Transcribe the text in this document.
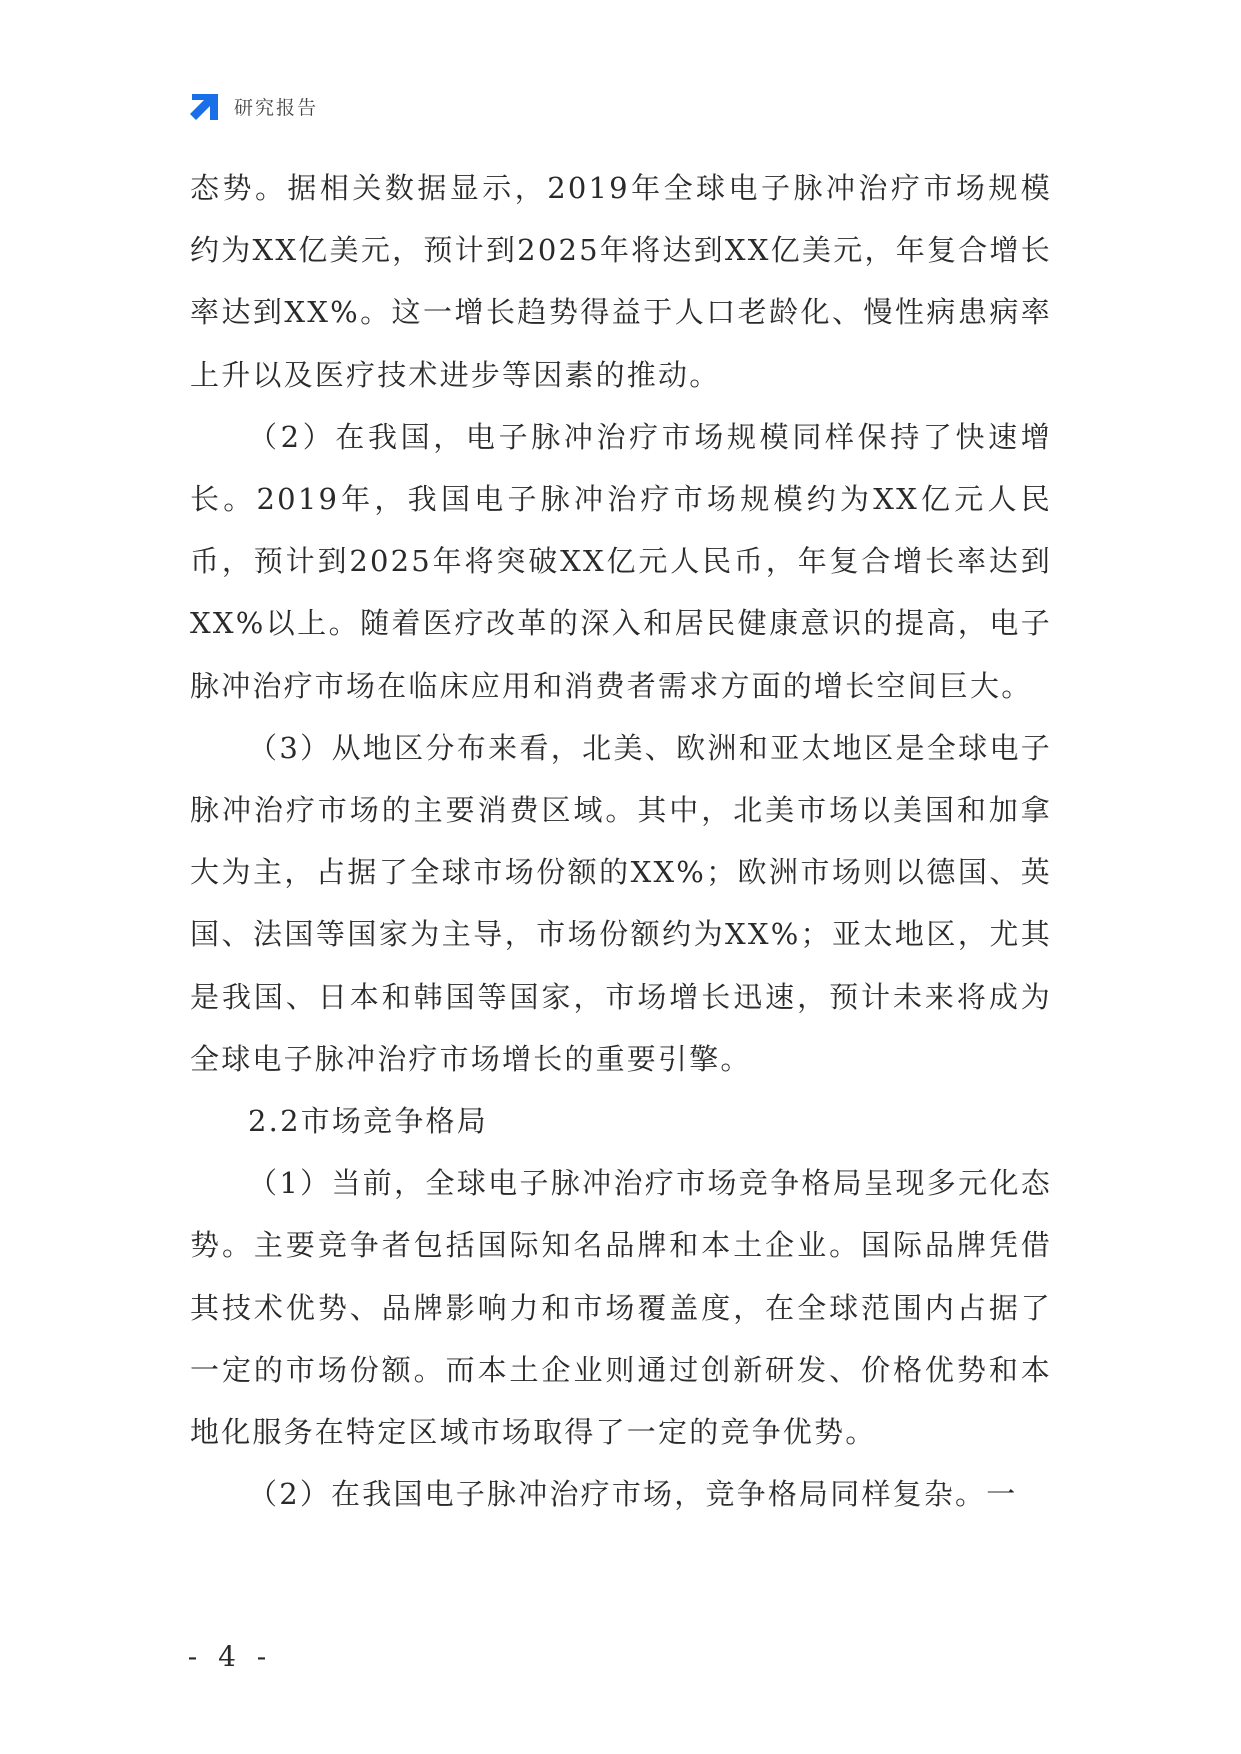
研究报告

态势。据相关数据显示，2019年全球电子脉冲治疗市场规模约为XX亿美元，预计到2025年将达到XX亿美元，年复合增长率达到XX%。这一增长趋势得益于人口老龄化、慢性病患病率上升以及医疗技术进步等因素的推动。

（2）在我国，电子脉冲治疗市场规模同样保持了快速增长。2019年，我国电子脉冲治疗市场规模约为XX亿元人民币，预计到2025年将突破XX亿元人民币，年复合增长率达到XX%以上。随着医疗改革的深入和居民健康意识的提高，电子脉冲治疗市场在临床应用和消费者需求方面的增长空间巨大。

（3）从地区分布来看，北美、欧洲和亚太地区是全球电子脉冲治疗市场的主要消费区域。其中，北美市场以美国和加拿大为主，占据了全球市场份额的XX%；欧洲市场则以德国、英国、法国等国家为主导，市场份额约为XX%；亚太地区，尤其是我国、日本和韩国等国家，市场增长迅速，预计未来将成为全球电子脉冲治疗市场增长的重要引擎。

2.2市场竞争格局

（1）当前，全球电子脉冲治疗市场竞争格局呈现多元化态势。主要竞争者包括国际知名品牌和本土企业。国际品牌凭借其技术优势、品牌影响力和市场覆盖度，在全球范围内占据了一定的市场份额。而本土企业则通过创新研发、价格优势和本地化服务在特定区域市场取得了一定的竞争优势。

（2）在我国电子脉冲治疗市场，竞争格局同样复杂。一

- 4 -
